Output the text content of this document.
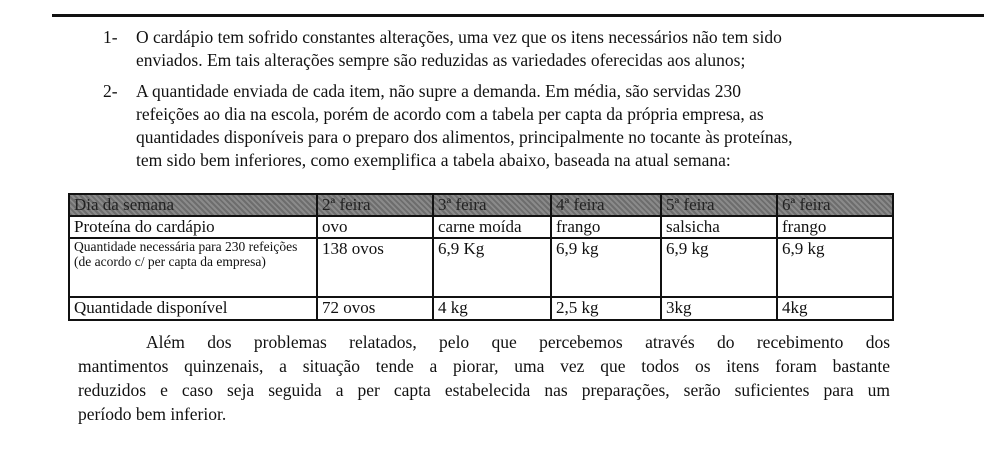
1- O cardápio tem sofrido constantes alterações, uma vez que os itens necessários não tem sido
enviados. Em tais alterações sempre são reduzidas as variedades oferecidas aos alunos;
2- A quantidade enviada de cada item, não supre a demanda. Em média, são servidas 230
refeições ao dia na escola, porém de acordo com a tabela per capta da própria empresa, as
quantidades disponíveis para o preparo dos alimentos, principalmente no tocante às proteínas,
tem sido bem inferiores, como exemplifica a tabela abaixo, baseada na atual semana:
Dia da semana	2ª feira	3ª feira	4ª feira	5ª feira	6ª feira
Proteína do cardápio	ovo	carne moída	frango	salsicha	frango
Quantidade necessária para 230 refeições (de acordo c/ per capta da empresa)	138 ovos	6,9 Kg	6,9 kg	6,9 kg	6,9 kg
Quantidade disponível	72 ovos	4 kg	2,5 kg	3kg	4kg
Além dos problemas relatados, pelo que percebemos através do recebimento dos
mantimentos quinzenais, a situação tende a piorar, uma vez que todos os itens foram bastante
reduzidos e caso seja seguida a per capta estabelecida nas preparações, serão suficientes para um
período bem inferior.
